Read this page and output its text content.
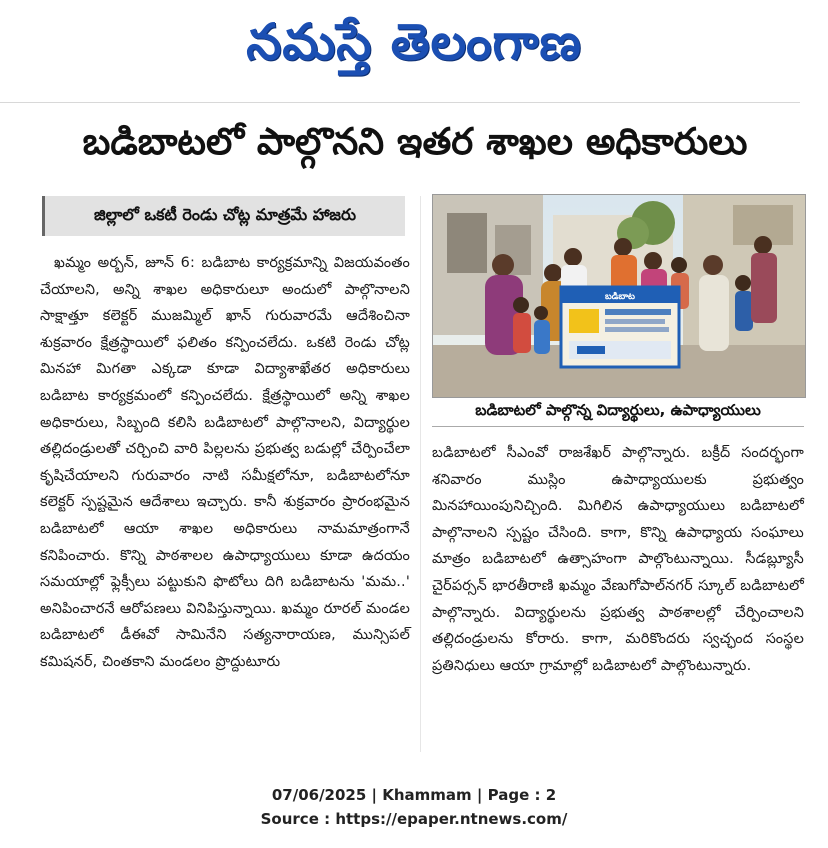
నమస్తే తెలంగాణ
బడిబాటలో పాల్గొనని ఇతర శాఖల అధికారులు
జిల్లాలో ఒకటీ రెండు చోట్ల మాత్రమే హాజరు

ఖమ్మం అర్బన్, జూన్ 6: బడిబాట కార్యక్రమాన్ని విజయవంతం చేయాలని, అన్ని శాఖల అధికారులూ అందులో పాల్గొనాలని సాక్షాత్తూ కలెక్టర్ ముజమ్మిల్ ఖాన్ గురువారమే ఆదేశించినా శుక్రవారం క్షేత్రస్థాయిలో ఫలితం కన్పించలేదు. ఒకటి రెండు చోట్ల మినహా మిగతా ఎక్కడా కూడా విద్యాశాఖేతర అధికారులు బడిబాట కార్యక్రమంలో కన్పించలేదు. క్షేత్రస్థాయిలో అన్ని శాఖల అధికారులు, సిబ్బంది కలిసి బడిబాటలో పాల్గొనాలని, విద్యార్థుల తల్లిదండ్రులతో చర్చించి వారి పిల్లలను ప్రభుత్వ బడుల్లో చేర్పించేలా కృషిచేయాలని గురువారం నాటి సమీక్షలోనూ, బడిబాటలోనూ కలెక్టర్ స్పష్టమైన ఆదేశాలు ఇచ్చారు. కానీ శుక్రవారం ప్రారంభమైన బడిబాటలో ఆయా శాఖల అధికారులు నామమాత్రంగానే కనిపించారు. కొన్ని పాఠశాలల ఉపాధ్యాయులు కూడా ఉదయం సమయాల్లో ఫ్లెక్సీలు పట్టుకుని ఫొటోలు దిగి బడిబాటను 'మమ..' అనిపించారనే ఆరోపణలు వినిపిస్తున్నాయి. ఖమ్మం రూరల్ మండల బడిబాటలో డీఈవో సామినేని సత్యనారాయణ, మున్సిపల్ కమిషనర్, చింతకాని మండలం ప్రొద్దుటూరు

బడిబాట
బడిబాటలో పాల్గొన్న విద్యార్థులు, ఉపాధ్యాయులు

బడిబాటలో సీఎంవో రాజశేఖర్ పాల్గొన్నారు. బక్రీద్ సందర్భంగా శనివారం ముస్లిం ఉపాధ్యాయులకు ప్రభుత్వం మినహాయింపునిచ్చింది. మిగిలిన ఉపాధ్యాయులు బడిబాటలో పాల్గొనాలని స్పష్టం చేసింది. కాగా, కొన్ని ఉపాధ్యాయ సంఘాలు మాత్రం బడిబాటలో ఉత్సాహంగా పాల్గొంటున్నాయి. సీడబ్ల్యూసీ చైర్‌పర్సన్ భారతీరాణి ఖమ్మం వేణుగోపాల్‌నగర్ స్కూల్ బడిబాటలో పాల్గొన్నారు. విద్యార్థులను ప్రభుత్వ పాఠశాలల్లో చేర్పించాలని తల్లిదండ్రులను కోరారు. కాగా, మరికొందరు స్వచ్ఛంద సంస్థల ప్రతినిధులు ఆయా గ్రామాల్లో బడిబాటలో పాల్గొంటున్నారు.

07/06/2025 | Khammam | Page : 2
Source : https://epaper.ntnews.com/
